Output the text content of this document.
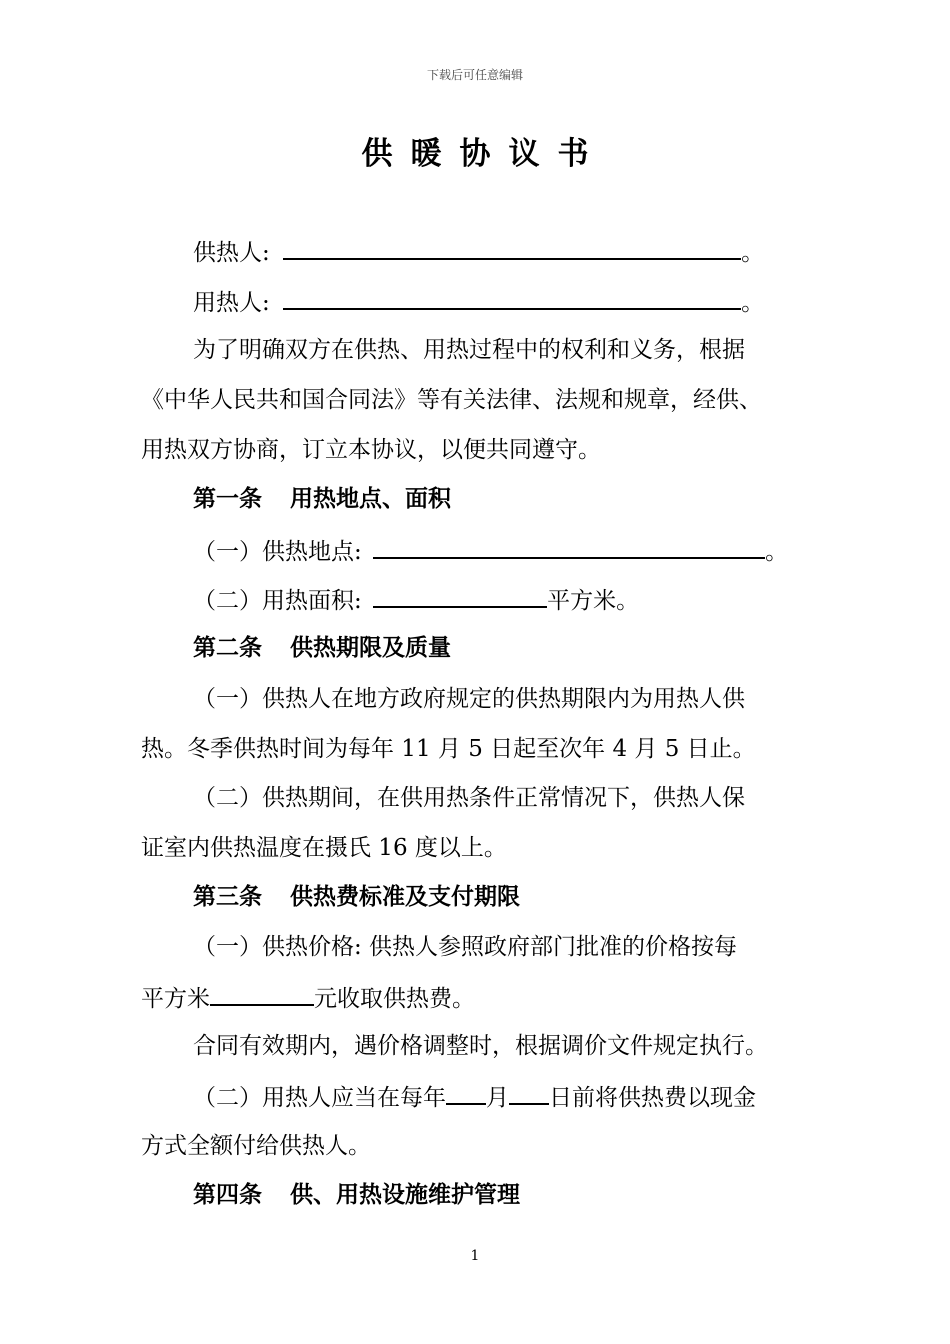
下载后可任意编辑
供暖协议书
供热人:	。
用热人:	。
为了明确双方在供热、用热过程中的权利和义务，根据
《中华人民共和国合同法》等有关法律、法规和规章，经供、
用热双方协商，订立本协议，以便共同遵守。
第一条 用热地点、面积
（一）供热地点:	。
（二）用热面积:	平方米。
第二条 供热期限及质量
（一）供热人在地方政府规定的供热期限内为用热人供
热。冬季供热时间为每年 11 月 5 日起至次年 4 月 5 日止。
（二）供热期间，在供用热条件正常情况下，供热人保
证室内供热温度在摄氏 16 度以上。
第三条 供热费标准及支付期限
（一）供热价格: 供热人参照政府部门批准的价格按每
平方米	元收取供热费。
合同有效期内，遇价格调整时，根据调价文件规定执行。
（二）用热人应当在每年 月 日前将供热费以现金
方式全额付给供热人。
第四条 供、用热设施维护管理
1
